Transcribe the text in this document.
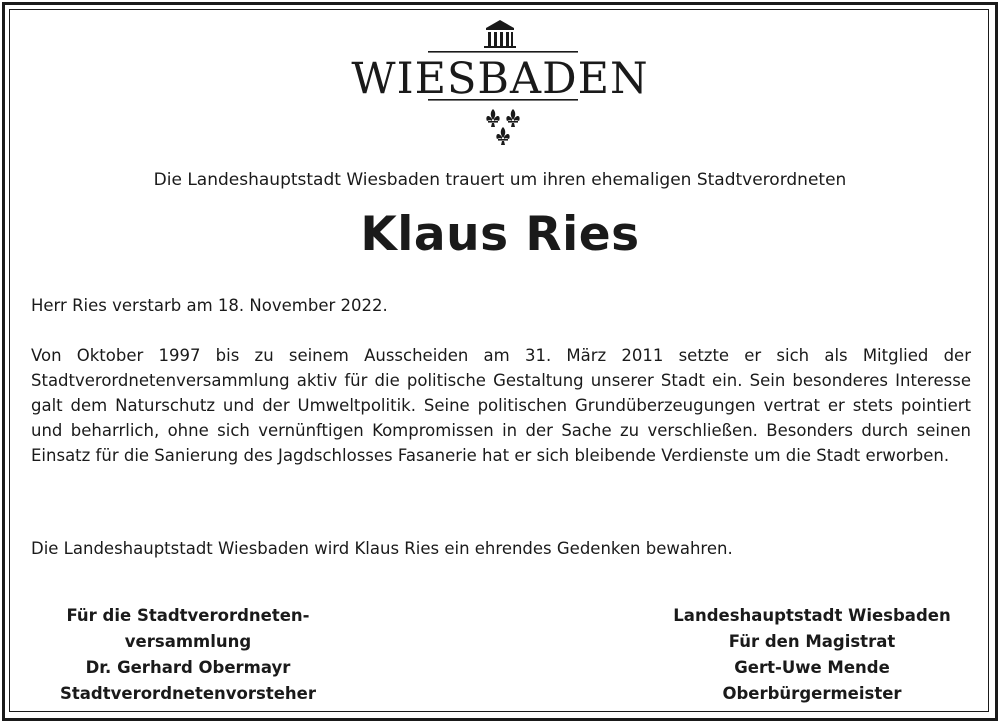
WIESBADEN
Die Landeshauptstadt Wiesbaden trauert um ihren ehemaligen Stadtverordneten
Klaus Ries

Herr Ries verstarb am 18. November 2022.

Von Oktober 1997 bis zu seinem Ausscheiden am 31. März 2011 setzte er sich als Mitglied der Stadtverordnetenversammlung aktiv für die politische Gestaltung unserer Stadt ein. Sein besonderes Interesse galt dem Naturschutz und der Umweltpolitik. Seine politischen Grundüberzeugungen vertrat er stets pointiert und beharrlich, ohne sich vernünftigen Kompromissen in der Sache zu verschließen. Besonders durch seinen Einsatz für die Sanierung des Jagdschlosses Fasanerie hat er sich bleibende Verdienste um die Stadt erworben.

Die Landeshauptstadt Wiesbaden wird Klaus Ries ein ehrendes Gedenken bewahren.

Für die Stadtverordneten-
versammlung
Dr. Gerhard Obermayr
Stadtverordnetenvorsteher
Landeshauptstadt Wiesbaden
Für den Magistrat
Gert-Uwe Mende
Oberbürgermeister
